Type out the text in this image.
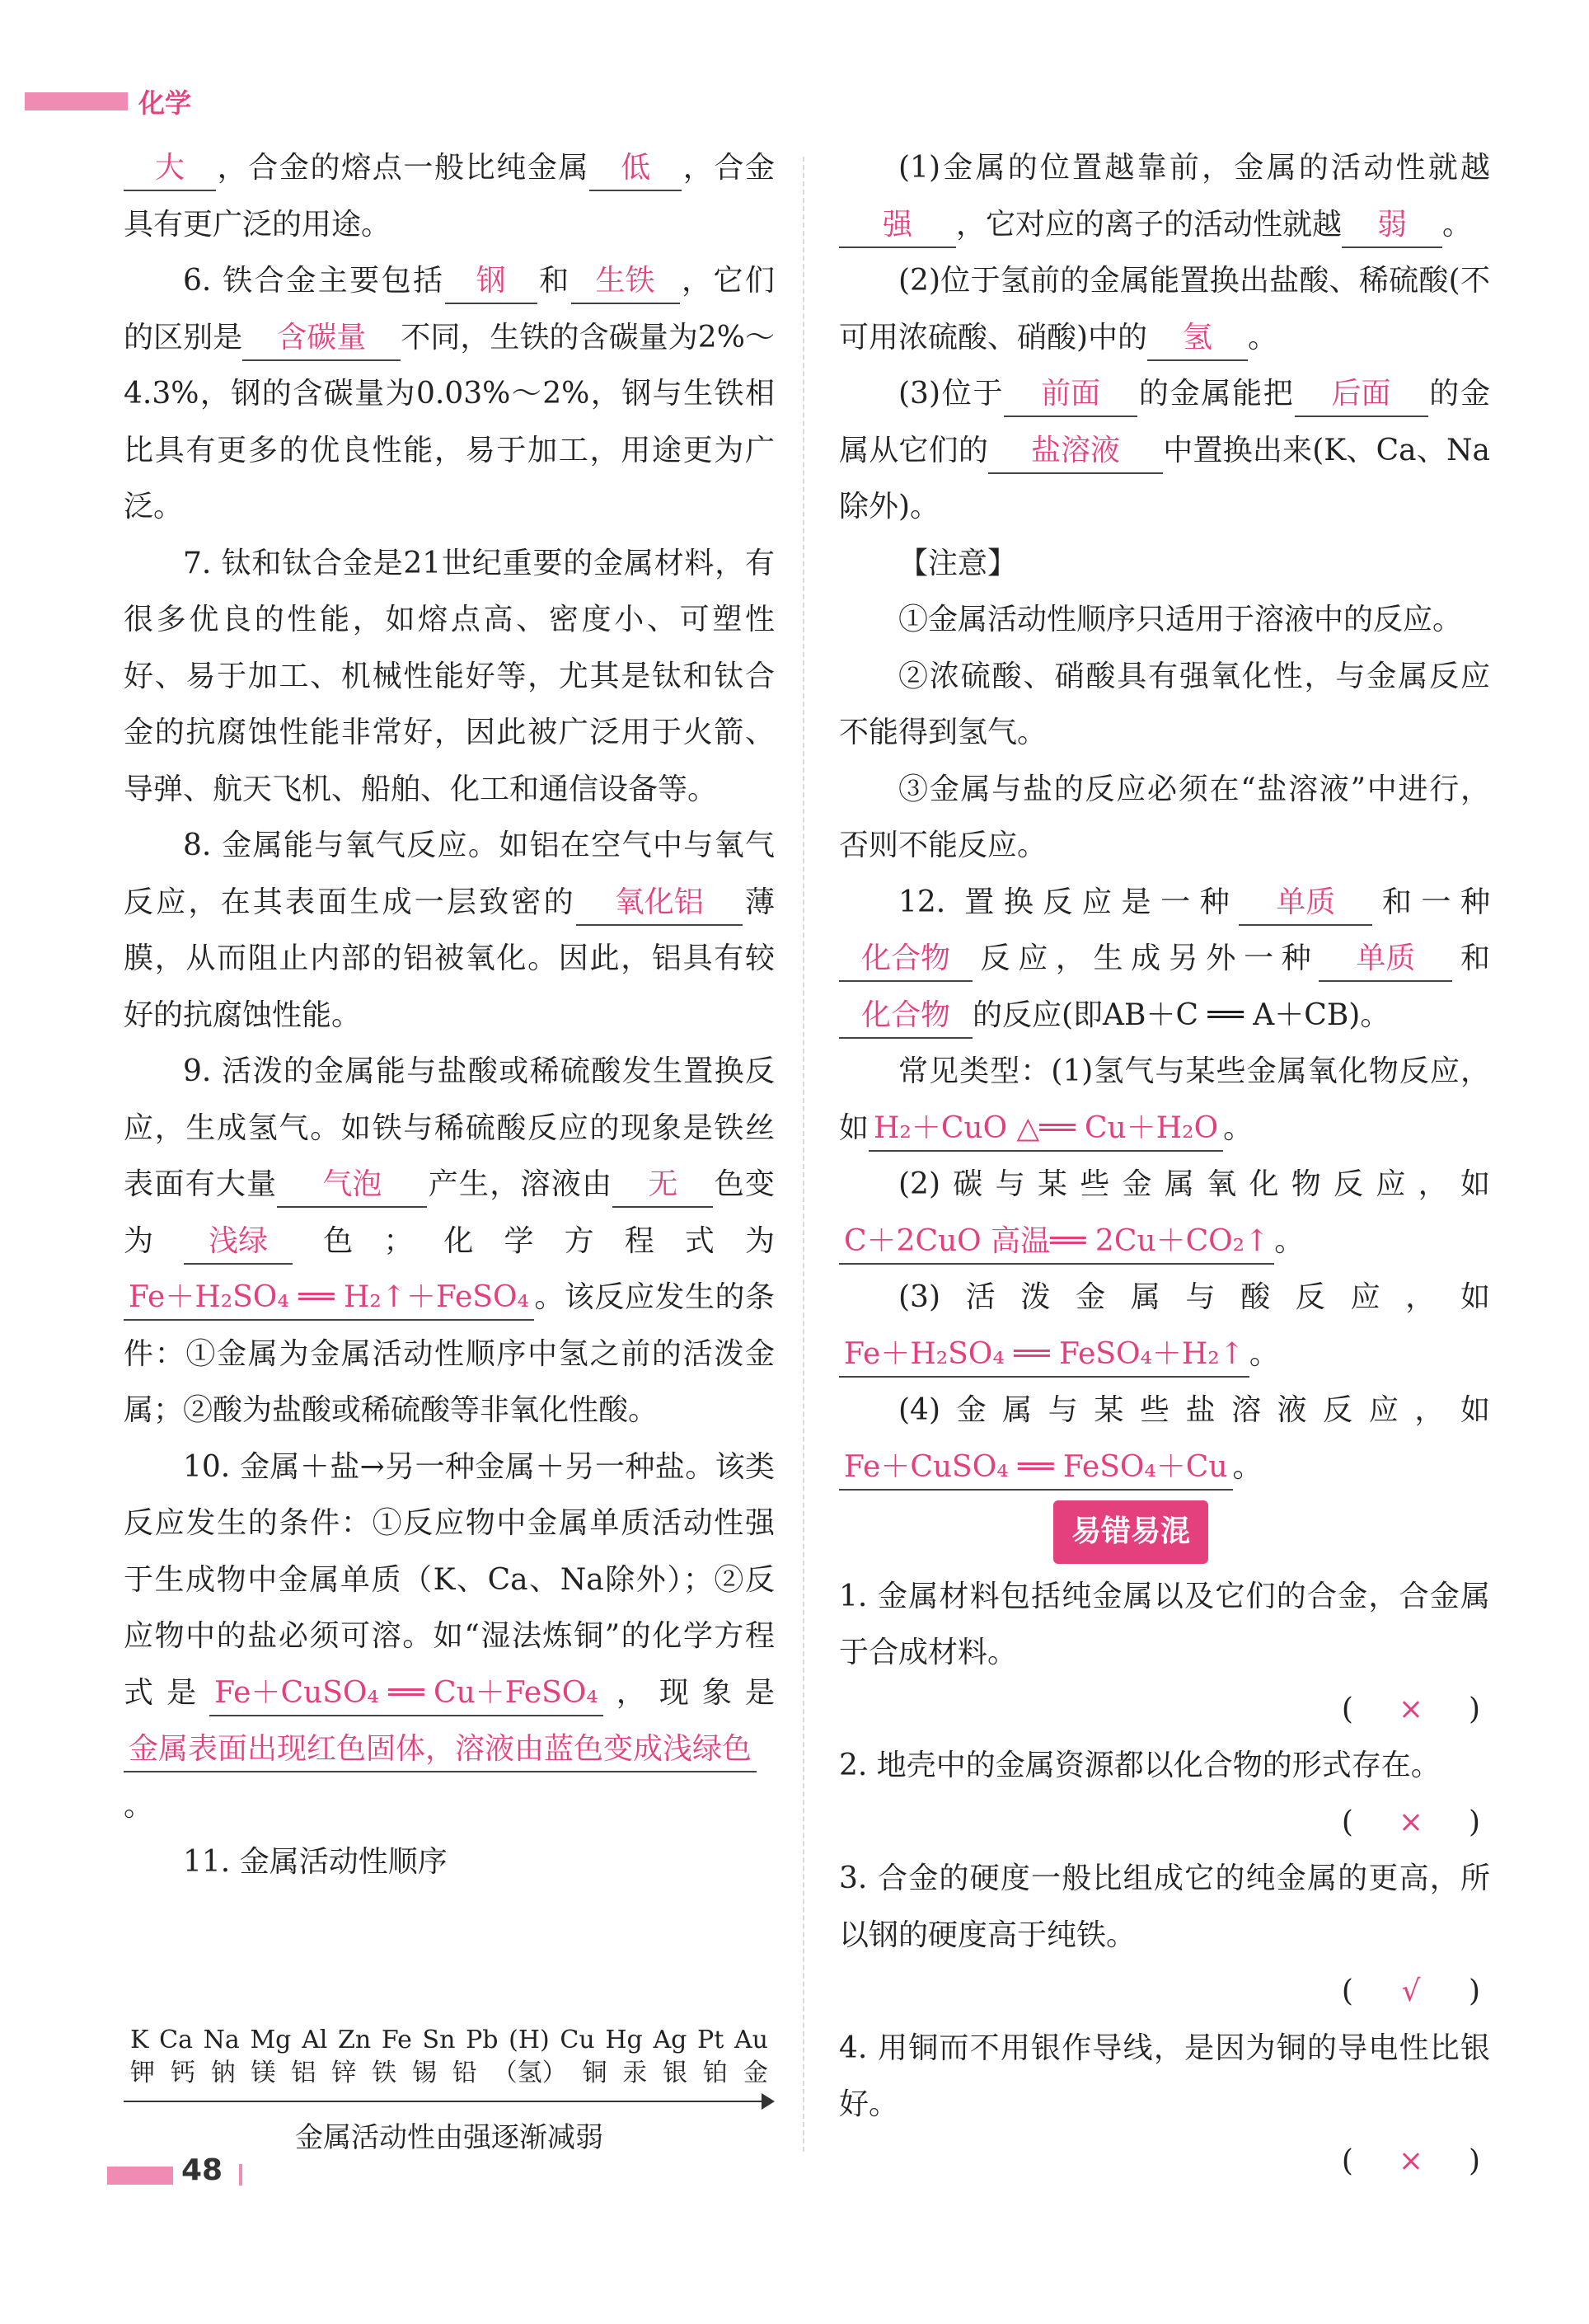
化学

大 ，合金的熔点一般比纯金属 低 ，合金具有更广泛的用途。

6. 铁合金主要包括 钢 和 生铁 ，它们的区别是 含碳量 不同，生铁的含碳量为2%～4.3%，钢的含碳量为0.03%～2%，钢与生铁相比具有更多的优良性能，易于加工，用途更为广泛。

7. 钛和钛合金是21世纪重要的金属材料，有很多优良的性能，如熔点高、密度小、可塑性好、易于加工、机械性能好等，尤其是钛和钛合金的抗腐蚀性能非常好，因此被广泛用于火箭、导弹、航天飞机、船舶、化工和通信设备等。

8. 金属能与氧气反应。如铝在空气中与氧气反应，在其表面生成一层致密的 氧化铝 薄膜，从而阻止内部的铝被氧化。因此，铝具有较好的抗腐蚀性能。

9. 活泼的金属能与盐酸或稀硫酸发生置换反应，生成氢气。如铁与稀硫酸反应的现象是铁丝表面有大量 气泡 产生，溶液由 无 色变为 浅绿 色；化学方程式为Fe＋H₂SO₄ ══ H₂↑＋FeSO₄ 。该反应发生的条件：①金属为金属活动性顺序中氢之前的活泼金属；②酸为盐酸或稀硫酸等非氧化性酸。

10. 金属＋盐→另一种金属＋另一种盐。该类反应发生的条件：①反应物中金属单质活动性强于生成物中金属单质（K、Ca、Na除外）；②反应物中的盐必须可溶。如“湿法炼铜”的化学方程式是 Fe＋CuSO₄ ══ Cu＋FeSO₄ ，现象是金属表面出现红色固体，溶液由蓝色变成浅绿色。

11. 金属活动性顺序

K Ca Na Mg Al Zn Fe Sn Pb (H) Cu Hg Ag Pt Au
钾 钙 钠 镁 铝 锌 铁 锡 铅 （氢） 铜 汞 银 铂 金
金属活动性由强逐渐减弱

(1)金属的位置越靠前，金属的活动性就越强 ，它对应的离子的活动性就越 弱 。

(2)位于氢前的金属能置换出盐酸、稀硫酸(不可用浓硫酸、硝酸)中的 氢 。

(3)位于 前面 的金属能把 后面 的金属从它们的 盐溶液 中置换出来(K、Ca、Na除外)。

【注意】

①金属活动性顺序只适用于溶液中的反应。

②浓硫酸、硝酸具有强氧化性，与金属反应不能得到氢气。

③金属与盐的反应必须在“盐溶液”中进行，否则不能反应。

12. 置换反应是一种 单质 和一种化合物 反应，生成另外一种 单质 和化合物 的反应(即AB＋C ══ A＋CB)。

常见类型：(1)氢气与某些金属氧化物反应，如 H₂＋CuO △══ Cu＋H₂O 。

(2)碳与某些金属氧化物反应，如C＋2CuO 高温══ 2Cu＋CO₂↑ 。

(3)活泼金属与酸反应，如Fe＋H₂SO₄ ══ FeSO₄＋H₂↑ 。

(4)金属与某些盐溶液反应，如Fe＋CuSO₄ ══ FeSO₄＋Cu 。

易错易混

1. 金属材料包括纯金属以及它们的合金，合金属于合成材料。
( × )

2. 地壳中的金属资源都以化合物的形式存在。
( × )

3. 合金的硬度一般比组成它的纯金属的更高，所以钢的硬度高于纯铁。
( √ )

4. 用铜而不用银作导线，是因为铜的导电性比银好。
( × )

48
